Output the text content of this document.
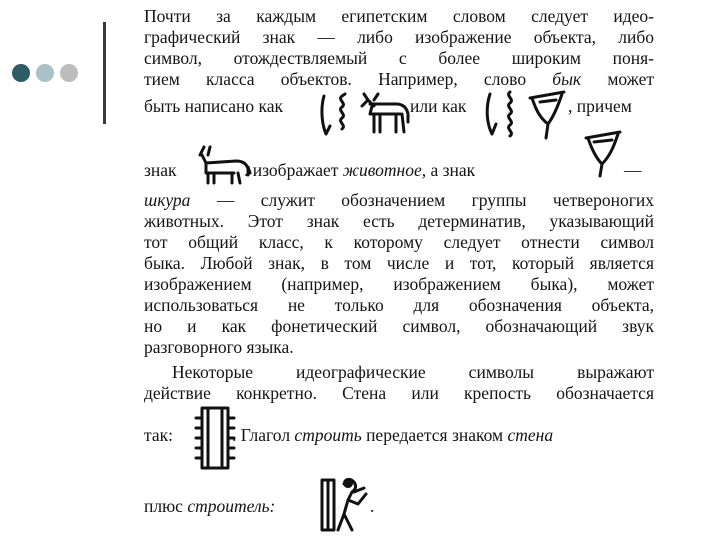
Почти за каждым египетским словом следует идео-
графический знак — либо изображение объекта, либо
символ, отождествляемый с более широким поня-
тием класса объектов. Например, слово бык может
быть написано как	или как	, причем
знак	. изображает животное, а знак	—
шкура — служит обозначением группы четвероногих
животных. Этот знак есть детерминатив, указывающий
тот общий класс, к которому следует отнести символ
быка. Любой знак, в том числе и тот, который является
изображением (например, изображением быка), может
использоваться не только для обозначения объекта,
но и как фонетический символ, обозначающий звук
разговорного языка.
Некоторые идеографические символы выражают
действие конкретно. Стена или крепость обозначается
так:	. Глагол строить передается знаком стена
плюс строитель:	.
